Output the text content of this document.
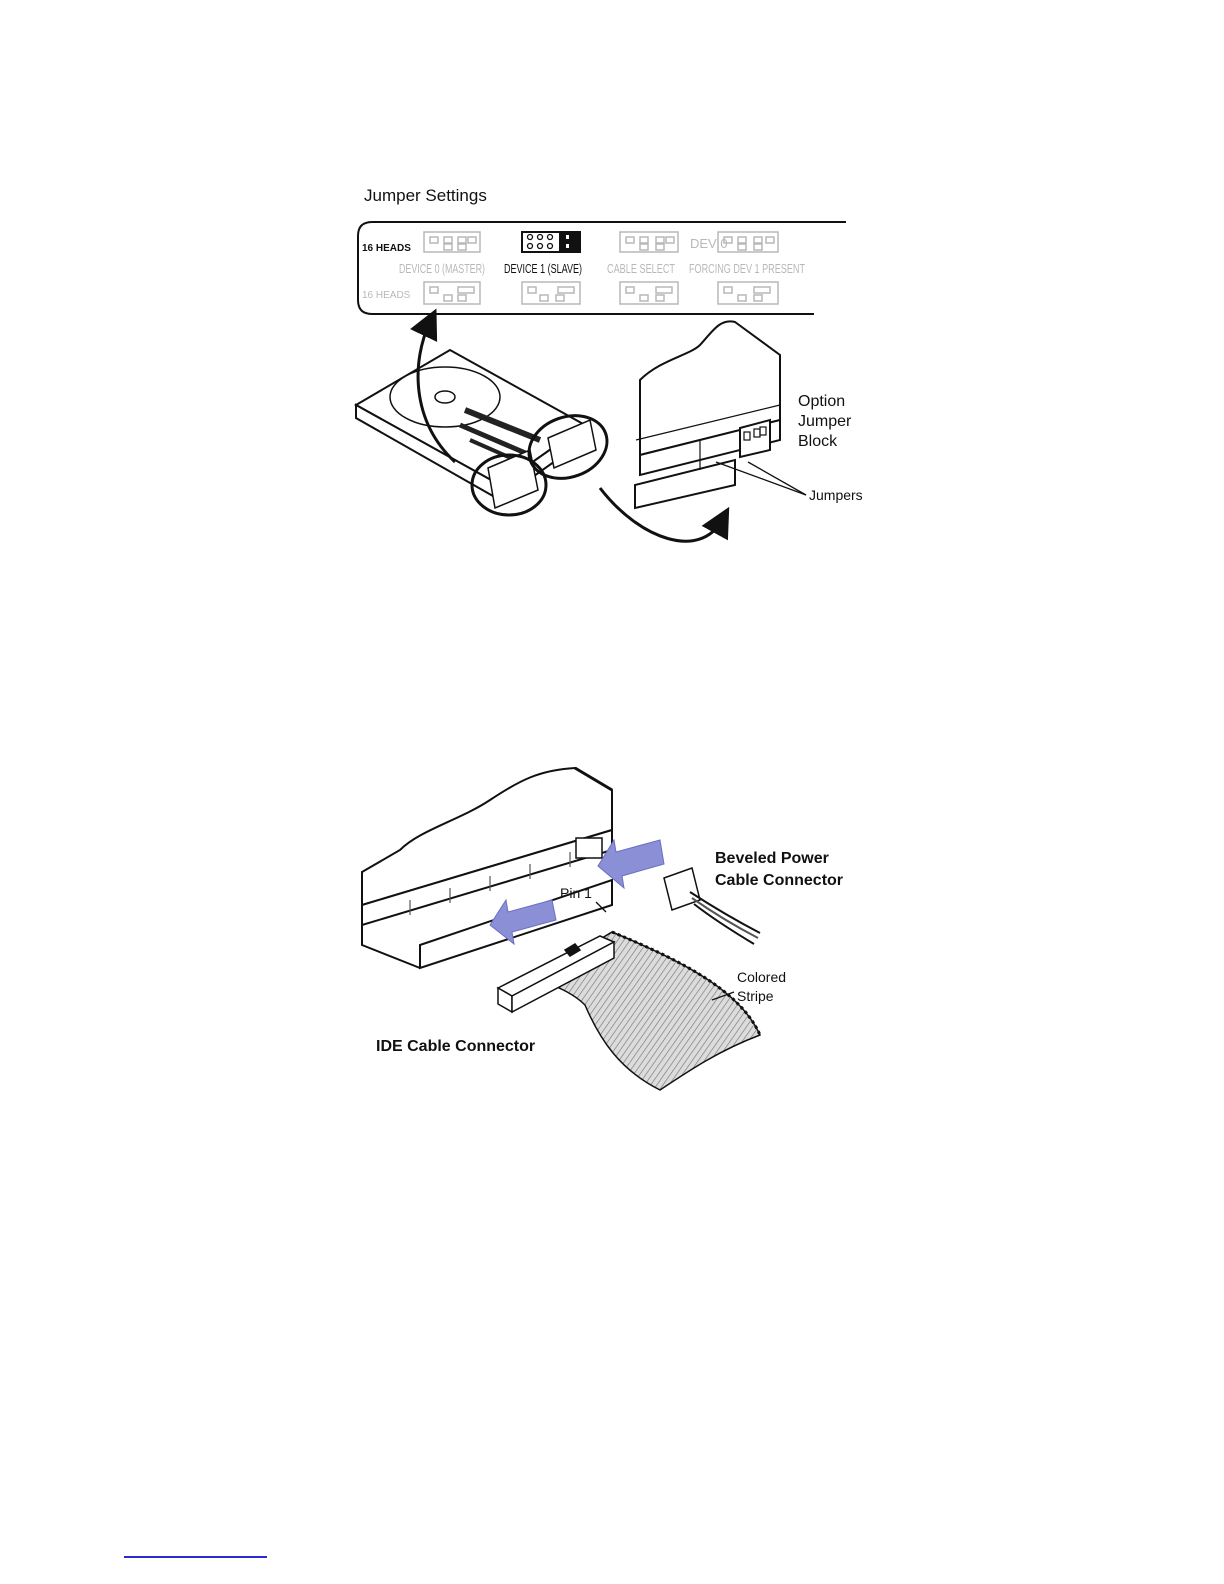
Jumper Settings
16 HEADS
16 HEADS
DEV 0
DEVICE 0 (MASTER) DEVICE 1 (SLAVE) CABLE SELECT FORCING DEV 1 PRESENT
Option
Jumper
Block
Jumpers
Beveled Power
Cable Connector
Pin 1
Colored
Stripe
IDE Cable Connector
